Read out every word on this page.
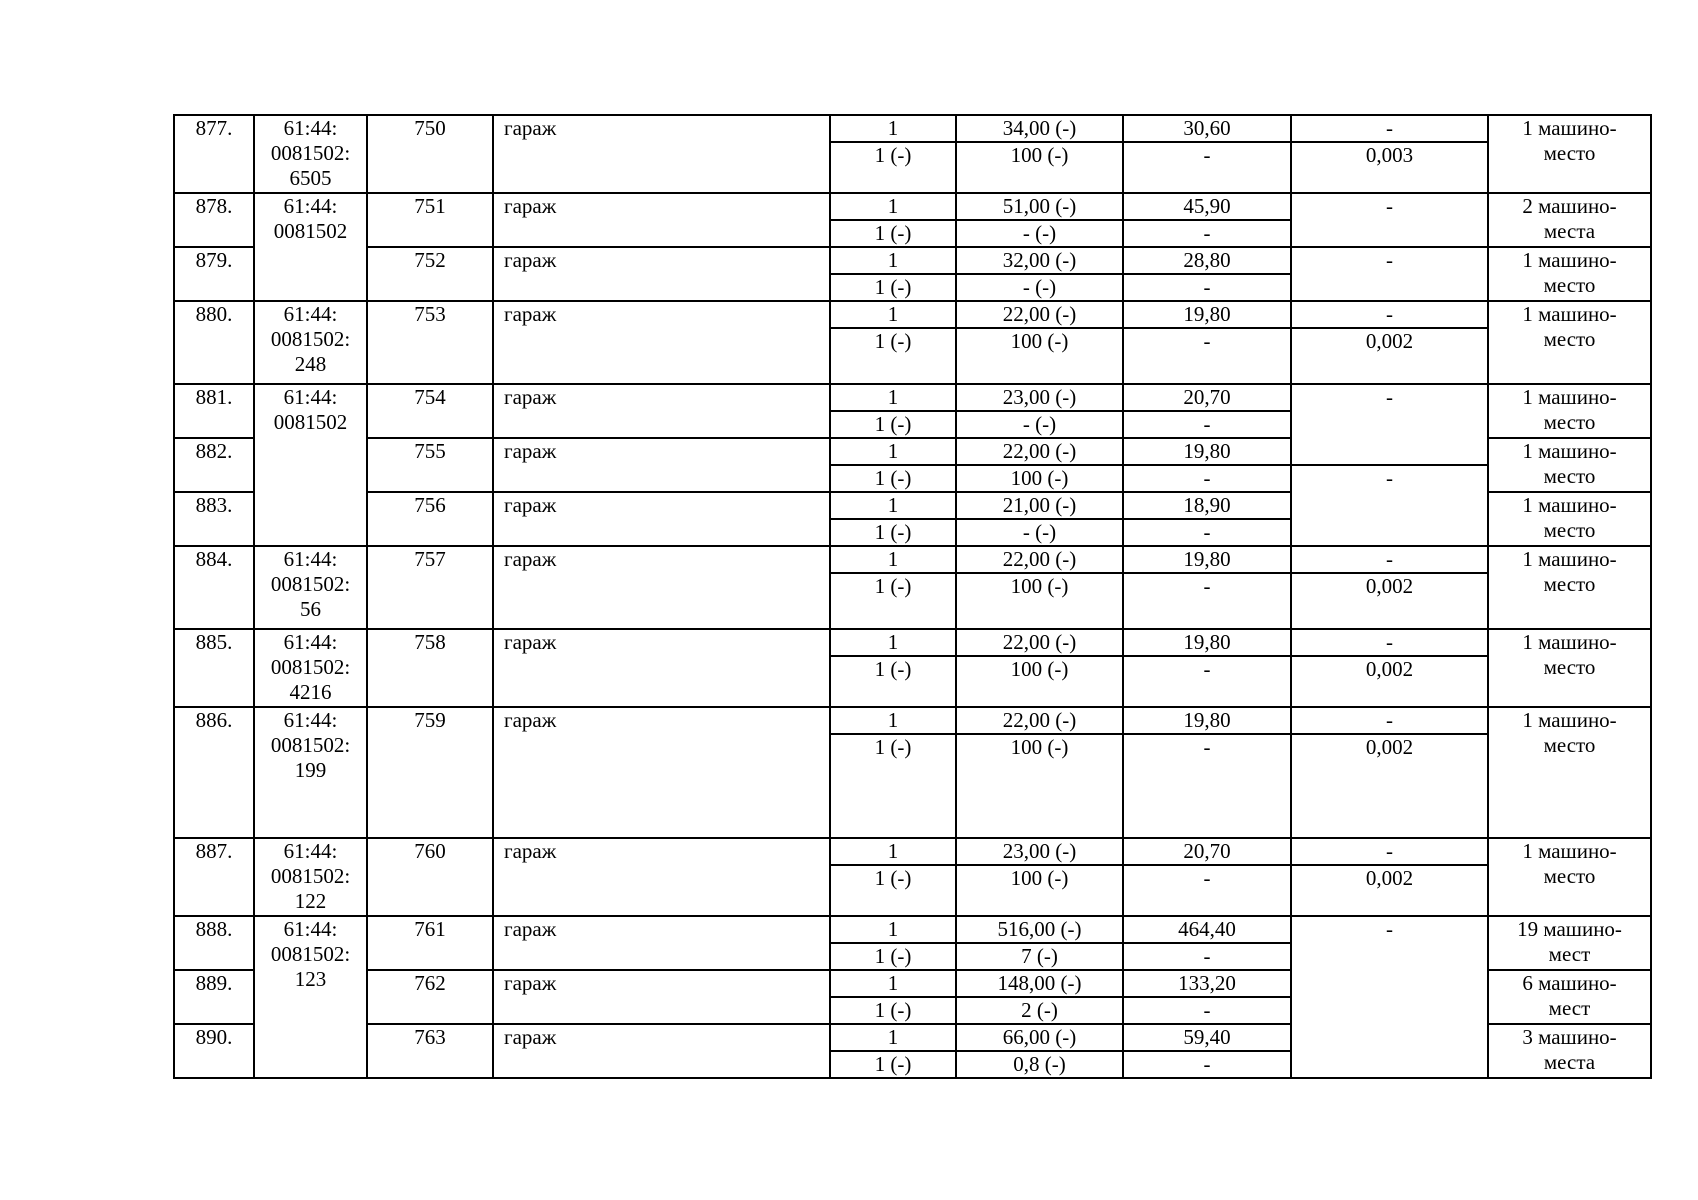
877.	61:44:
0081502:
6505	750	гараж	1	34,00 (-)	30,60	-	1 машино-
место
				1 (-)	100 (-)	-	0,003	
878.	61:44:
0081502	751	гараж	1	51,00 (-)	45,90	-	2 машино-
места
				1 (-)	- (-)	-		
879.		752	гараж	1	32,00 (-)	28,80	-	1 машино-
место
				1 (-)	- (-)	-		
880.	61:44:
0081502:
248	753	гараж	1	22,00 (-)	19,80	-	1 машино-
место
				1 (-)	100 (-)	-	0,002	
881.	61:44:
0081502	754	гараж	1	23,00 (-)	20,70	-	1 машино-
место
				1 (-)	- (-)	-		
882.		755	гараж	1	22,00 (-)	19,80		1 машино-
место
				1 (-)	100 (-)	-	-	
883.		756	гараж	1	21,00 (-)	18,90		1 машино-
место
				1 (-)	- (-)	-		
884.	61:44:
0081502:
56	757	гараж	1	22,00 (-)	19,80	-	1 машино-
место
				1 (-)	100 (-)	-	0,002	
885.	61:44:
0081502:
4216	758	гараж	1	22,00 (-)	19,80	-	1 машино-
место
				1 (-)	100 (-)	-	0,002	
886.	61:44:
0081502:
199	759	гараж	1	22,00 (-)	19,80	-	1 машино-
место
				1 (-)	100 (-)	-	0,002	
887.	61:44:
0081502:
122	760	гараж	1	23,00 (-)	20,70	-	1 машино-
место
				1 (-)	100 (-)	-	0,002	
888.	61:44:
0081502:
123	761	гараж	1	516,00 (-)	464,40	-	19 машино-
мест
				1 (-)	7 (-)	-		
889.		762	гараж	1	148,00 (-)	133,20		6 машино-
мест
				1 (-)	2 (-)	-		
890.		763	гараж	1	66,00 (-)	59,40		3 машино-
места
				1 (-)	0,8 (-)	-		
